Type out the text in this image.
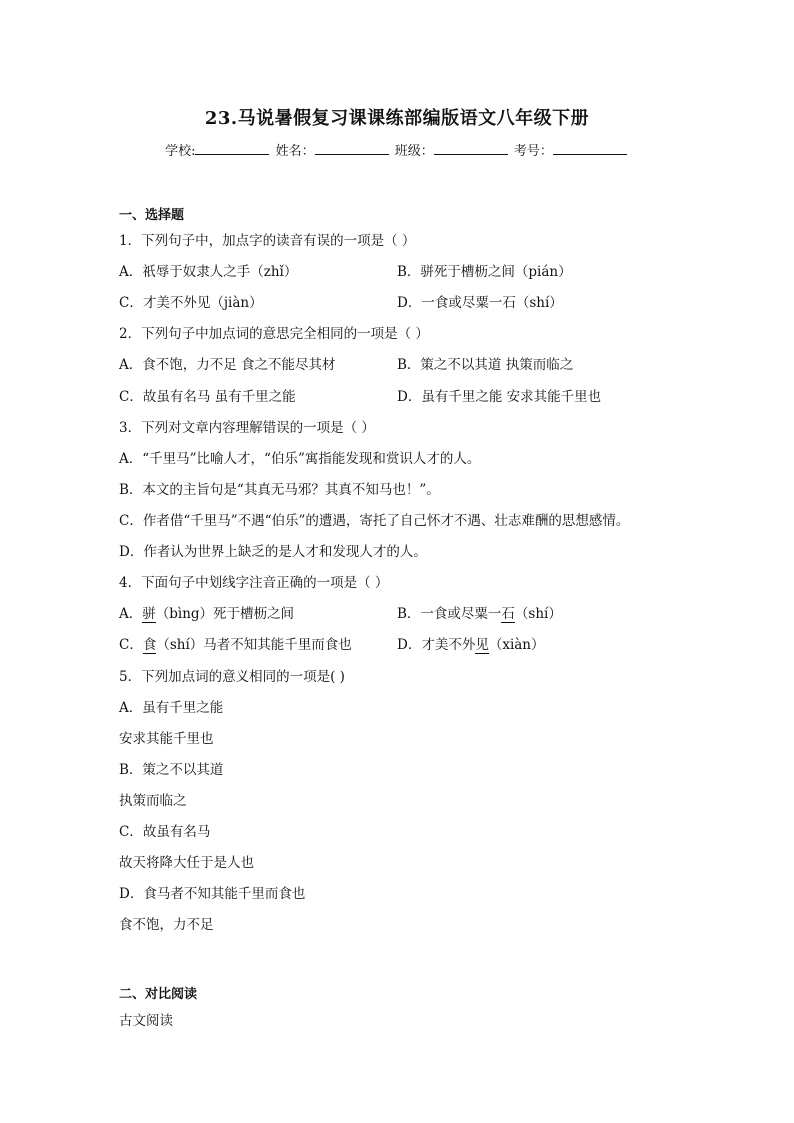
23.马说暑假复习课课练部编版语文八年级下册
学校:	姓名：	班级：	考号：
一、选择题
1．下列句子中，加点字的读音有误的一项是（ ）
A．祇辱于奴隶人之手（zhǐ）	B．骈死于槽枥之间（pián）
C．才美不外见（jiàn）	D．一食或尽粟一石（shí）
2．下列句子中加点词的意思完全相同的一项是（ ）
A．食不饱，力不足 食之不能尽其材	B．策之不以其道 执策而临之
C．故虽有名马 虽有千里之能	D．虽有千里之能 安求其能千里也
3．下列对文章内容理解错误的一项是（ ）
A．“千里马”比喻人才，“伯乐”寓指能发现和赏识人才的人。
B．本文的主旨句是“其真无马邪？其真不知马也！”。
C．作者借“千里马”不遇“伯乐”的遭遇，寄托了自己怀才不遇、壮志难酬的思想感情。
D．作者认为世界上缺乏的是人才和发现人才的人。
4．下面句子中划线字注音正确的一项是（ ）
A．骈（bìng）死于槽枥之间	B．一食或尽粟一石（shí）
C．食（shí）马者不知其能千里而食也	D．才美不外见（xiàn）
5．下列加点词的意义相同的一项是( )
A．虽有千里之能
安求其能千里也
B．策之不以其道
执策而临之
C．故虽有名马
故天将降大任于是人也
D．食马者不知其能千里而食也
食不饱，力不足
二、对比阅读
古文阅读
